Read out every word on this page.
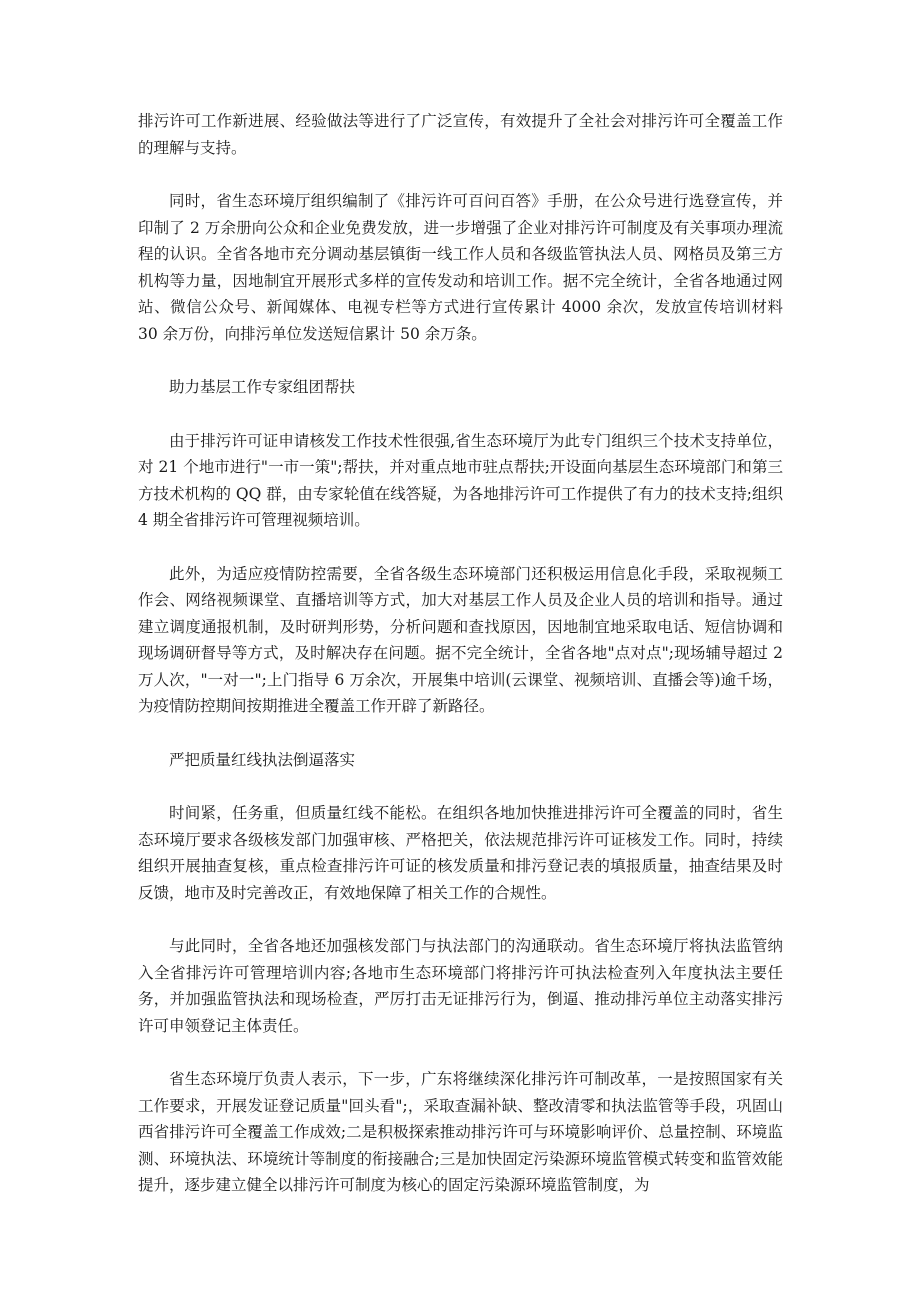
排污许可工作新进展、经验做法等进行了广泛宣传，有效提升了全社会对排污许可全覆盖工作的理解与支持。

同时，省生态环境厅组织编制了《排污许可百问百答》手册，在公众号进行选登宣传，并印制了 2 万余册向公众和企业免费发放，进一步增强了企业对排污许可制度及有关事项办理流程的认识。全省各地市充分调动基层镇街一线工作人员和各级监管执法人员、网格员及第三方机构等力量，因地制宜开展形式多样的宣传发动和培训工作。据不完全统计，全省各地通过网站、微信公众号、新闻媒体、电视专栏等方式进行宣传累计 4000 余次，发放宣传培训材料 30 余万份，向排污单位发送短信累计 50 余万条。

助力基层工作专家组团帮扶

由于排污许可证申请核发工作技术性很强,省生态环境厅为此专门组织三个技术支持单位，对 21 个地市进行"一市一策";帮扶，并对重点地市驻点帮扶;开设面向基层生态环境部门和第三方技术机构的 QQ 群，由专家轮值在线答疑，为各地排污许可工作提供了有力的技术支持;组织 4 期全省排污许可管理视频培训。

此外，为适应疫情防控需要，全省各级生态环境部门还积极运用信息化手段，采取视频工作会、网络视频课堂、直播培训等方式，加大对基层工作人员及企业人员的培训和指导。通过建立调度通报机制，及时研判形势，分析问题和查找原因，因地制宜地采取电话、短信协调和现场调研督导等方式，及时解决存在问题。据不完全统计，全省各地"点对点";现场辅导超过 2 万人次，"一对一";上门指导 6 万余次，开展集中培训(云课堂、视频培训、直播会等)逾千场，为疫情防控期间按期推进全覆盖工作开辟了新路径。

严把质量红线执法倒逼落实

时间紧，任务重，但质量红线不能松。在组织各地加快推进排污许可全覆盖的同时，省生态环境厅要求各级核发部门加强审核、严格把关，依法规范排污许可证核发工作。同时，持续组织开展抽查复核，重点检查排污许可证的核发质量和排污登记表的填报质量，抽查结果及时反馈，地市及时完善改正，有效地保障了相关工作的合规性。

与此同时，全省各地还加强核发部门与执法部门的沟通联动。省生态环境厅将执法监管纳入全省排污许可管理培训内容;各地市生态环境部门将排污许可执法检查列入年度执法主要任务，并加强监管执法和现场检查，严厉打击无证排污行为，倒逼、推动排污单位主动落实排污许可申领登记主体责任。

省生态环境厅负责人表示，下一步，广东将继续深化排污许可制改革，一是按照国家有关工作要求，开展发证登记质量"回头看";，采取查漏补缺、整改清零和执法监管等手段，巩固山西省排污许可全覆盖工作成效;二是积极探索推动排污许可与环境影响评价、总量控制、环境监测、环境执法、环境统计等制度的衔接融合;三是加快固定污染源环境监管模式转变和监管效能提升，逐步建立健全以排污许可制度为核心的固定污染源环境监管制度，为
